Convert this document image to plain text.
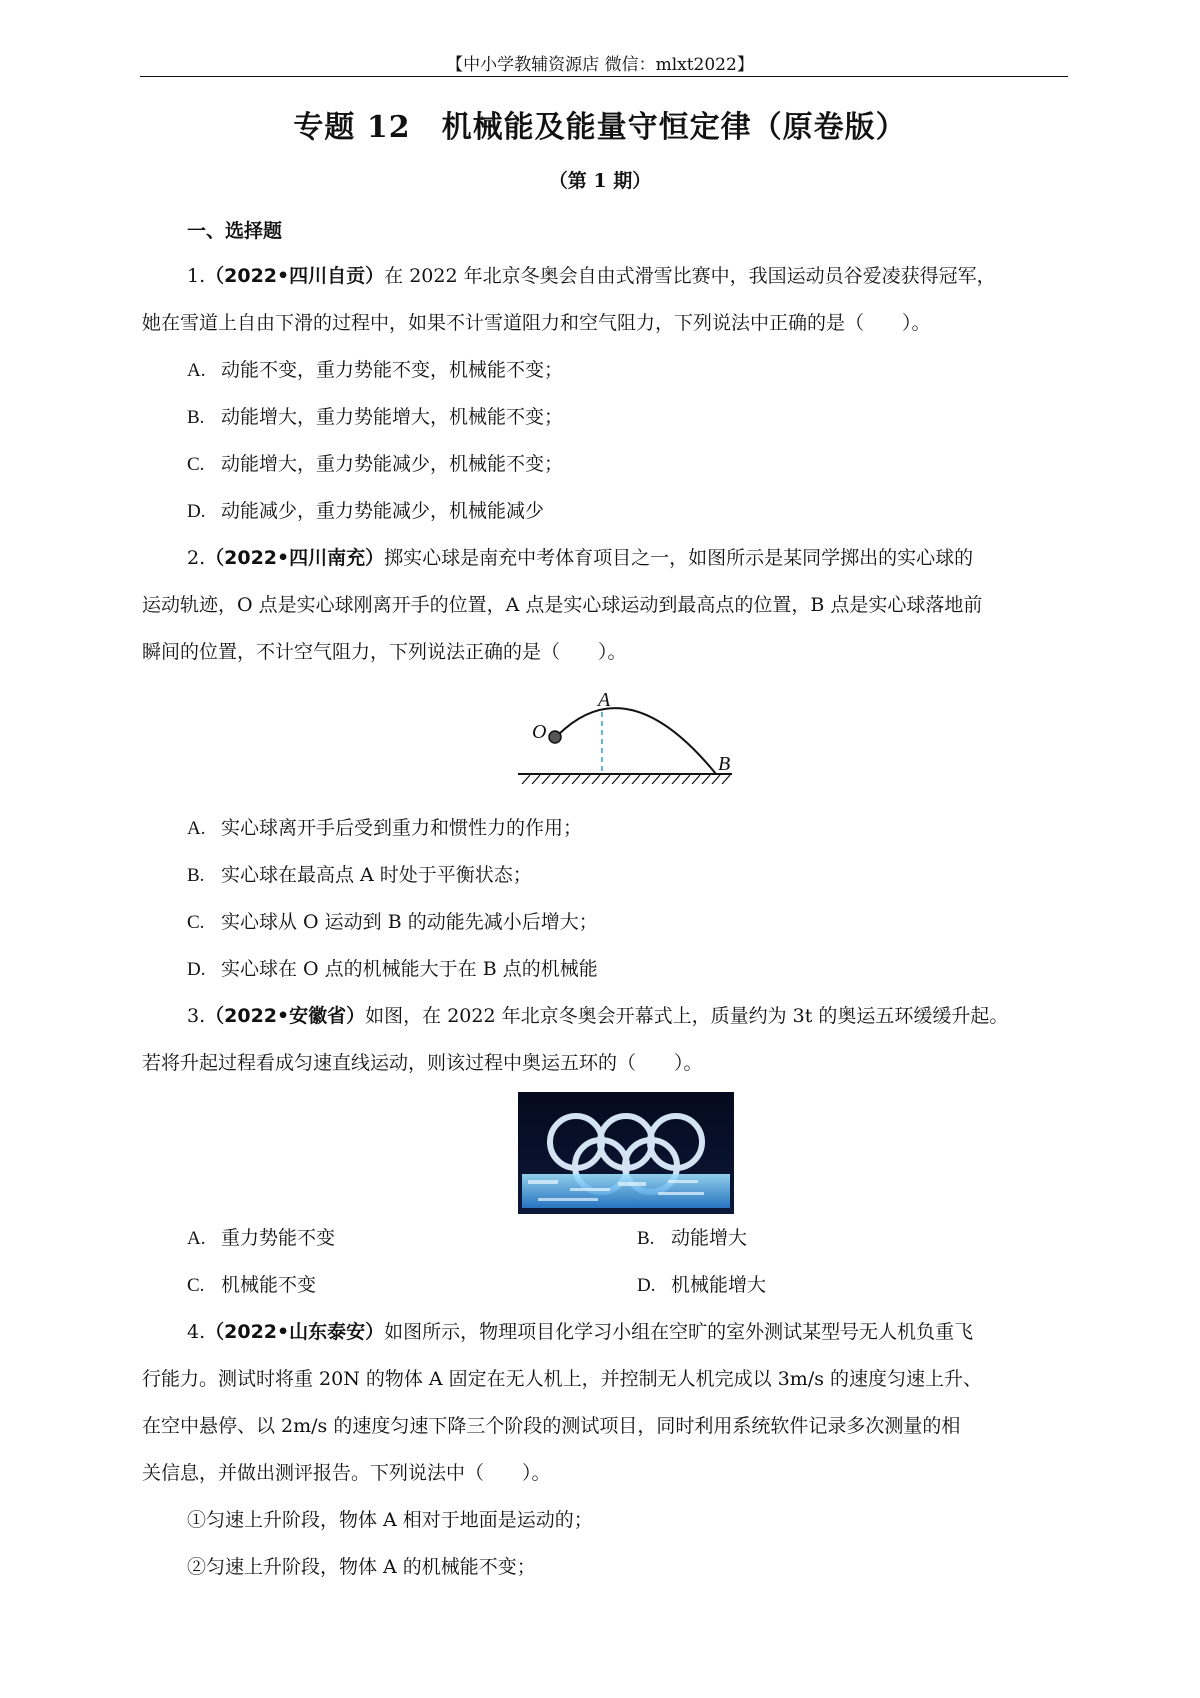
【中小学教辅资源店 微信：mlxt2022】
专题 12　机械能及能量守恒定律（原卷版）
（第 1 期）
一、选择题
1.（2022•四川自贡）在 2022 年北京冬奥会自由式滑雪比赛中，我国运动员谷爱凌获得冠军，
她在雪道上自由下滑的过程中，如果不计雪道阻力和空气阻力，下列说法中正确的是（　　）。
A. 动能不变，重力势能不变，机械能不变；
B. 动能增大，重力势能增大，机械能不变；
C. 动能增大，重力势能减少，机械能不变；
D. 动能减少，重力势能减少，机械能减少
2.（2022•四川南充）掷实心球是南充中考体育项目之一，如图所示是某同学掷出的实心球的
运动轨迹，O 点是实心球刚离开手的位置，A 点是实心球运动到最高点的位置，B 点是实心球落地前
瞬间的位置，不计空气阻力，下列说法正确的是（　　）。
O
A
B
A. 实心球离开手后受到重力和惯性力的作用；
B. 实心球在最高点 A 时处于平衡状态；
C. 实心球从 O 运动到 B 的动能先减小后增大；
D. 实心球在 O 点的机械能大于在 B 点的机械能
3.（2022•安徽省）如图，在 2022 年北京冬奥会开幕式上，质量约为 3t 的奥运五环缓缓升起。
若将升起过程看成匀速直线运动，则该过程中奥运五环的（　　）。
A. 重力势能不变	B. 动能增大
C. 机械能不变	D. 机械能增大
4.（2022•山东泰安）如图所示，物理项目化学习小组在空旷的室外测试某型号无人机负重飞
行能力。测试时将重 20N 的物体 A 固定在无人机上，并控制无人机完成以 3m/s 的速度匀速上升、
在空中悬停、以 2m/s 的速度匀速下降三个阶段的测试项目，同时利用系统软件记录多次测量的相
关信息，并做出测评报告。下列说法中（　　）。
①匀速上升阶段，物体 A 相对于地面是运动的；
②匀速上升阶段，物体 A 的机械能不变；
